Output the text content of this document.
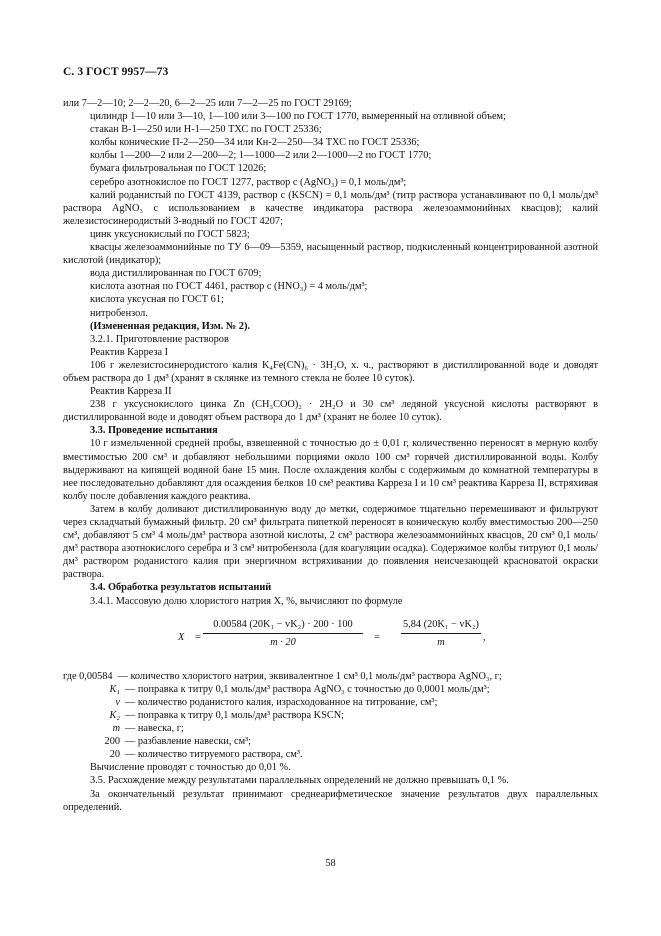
С. 3 ГОСТ 9957—73

или 7—2—10; 2—2—20, 6—2—25 или 7—2—25 по ГОСТ 29169;

цилиндр 1—10 или 3—10, 1—100 или 3—100 по ГОСТ 1770, вымеренный на отливной объем;

стакан В-1—250 или Н-1—250 ТХС по ГОСТ 25336;

колбы конические П-2—250—34 или Кн-2—250—34 ТХС по ГОСТ 25336;

колбы 1—200—2 или 2—200—2; 1—1000—2 или 2—1000—2 по ГОСТ 1770;

бумага фильтровальная по ГОСТ 12026;

серебро азотнокислое по ГОСТ 1277, раствор c (AgNO₃) = 0,1 моль/дм³;

калий роданистый по ГОСТ 4139, раствор c (KSCN) = 0,1 моль/дм³ (титр раствора устанавливают по 0,1 моль/дм³ раствора AgNO₃ с использованием в качестве индикатора раствора железоаммонийных квасцов); калий железистосинеродистый 3-водный по ГОСТ 4207;

цинк уксуснокислый по ГОСТ 5823;

квасцы железоаммонийные по ТУ 6—09—5359, насыщенный раствор, подкисленный концентрированной азотной кислотой (индикатор);

вода дистиллированная по ГОСТ 6709;

кислота азотная по ГОСТ 4461, раствор c (HNO₃) = 4 моль/дм³;

кислота уксусная по ГОСТ 61;

нитробензол.

(Измененная редакция, Изм. № 2).

3.2.1. Приготовление растворов

Реактив Карреза I

106 г железистосинеродистого калия K₄Fe(CN)₆ · 3H₂O, х. ч., растворяют в дистиллированной воде и доводят объем раствора до 1 дм³ (хранят в склянке из темного стекла не более 10 суток).

Реактив Карреза II

238 г уксуснокислого цинка Zn (CH₃COO)₂ · 2H₂O и 30 см³ ледяной уксусной кислоты растворяют в дистиллированной воде и доводят объем раствора до 1 дм³ (хранят не более 10 суток).

3.3. Проведение испытания

10 г измельченной средней пробы, взвешенной с точностью до ± 0,01 г, количественно переносят в мерную колбу вместимостью 200 см³ и добавляют небольшими порциями около 100 см³ горячей дистиллированной воды. Колбу выдерживают на кипящей водяной бане 15 мин. После охлаждения колбы с содержимым до комнатной температуры в нее последовательно добавляют для осаждения белков 10 см³ реактива Карреза I и 10 см³ реактива Карреза II, встряхивая колбу после добавления каждого реактива.

Затем в колбу доливают дистиллированную воду до метки, содержимое тщательно перемешивают и фильтруют через складчатый бумажный фильтр. 20 см³ фильтрата пипеткой переносят в коническую колбу вместимостью 200—250 см³, добавляют 5 см³ 4 моль/дм³ раствора азотной кислоты, 2 см³ раствора железоаммонийных квасцов, 20 см³ 0,1 моль/дм³ раствора азотнокислого серебра и 3 см³ нитробензола (для коагуляции осадка). Содержимое колбы титруют 0,1 моль/дм³ раствором роданистого калия при энергичном встряхивании до появления неисчезающей красноватой окраски раствора.

3.4. Обработка результатов испытаний

3.4.1. Массовую долю хлористого натрия X, %, вычисляют по формуле

$X = \frac{\text{0.00584 (20K₁ − vK₂) · 200 · 100}}{m \cdot 20} = \frac{\text{5,84 (20K₁ − vK₂)}}{m}$ ,
где 0,00584 — количество хлористого натрия, эквивалентное 1 см³ 0,1 моль/дм³ раствора AgNO₃, г;
K₁ — поправка к титру 0,1 моль/дм³ раствора AgNO₃ с точностью до 0,0001 моль/дм³;
v — количество роданистого калия, израсходованное на титрование, см³;
K₂ — поправка к титру 0,1 моль/дм³ раствора KSCN;
m — навеска, г;
200 — разбавление навески, см³;
20 — количество титруемого раствора, см³.

Вычисление проводят с точностью до 0,01 %.

3.5. Расхождение между результатами параллельных определений не должно превышать 0,1 %.

За окончательный результат принимают среднеарифметическое значение результатов двух параллельных определений.

58
